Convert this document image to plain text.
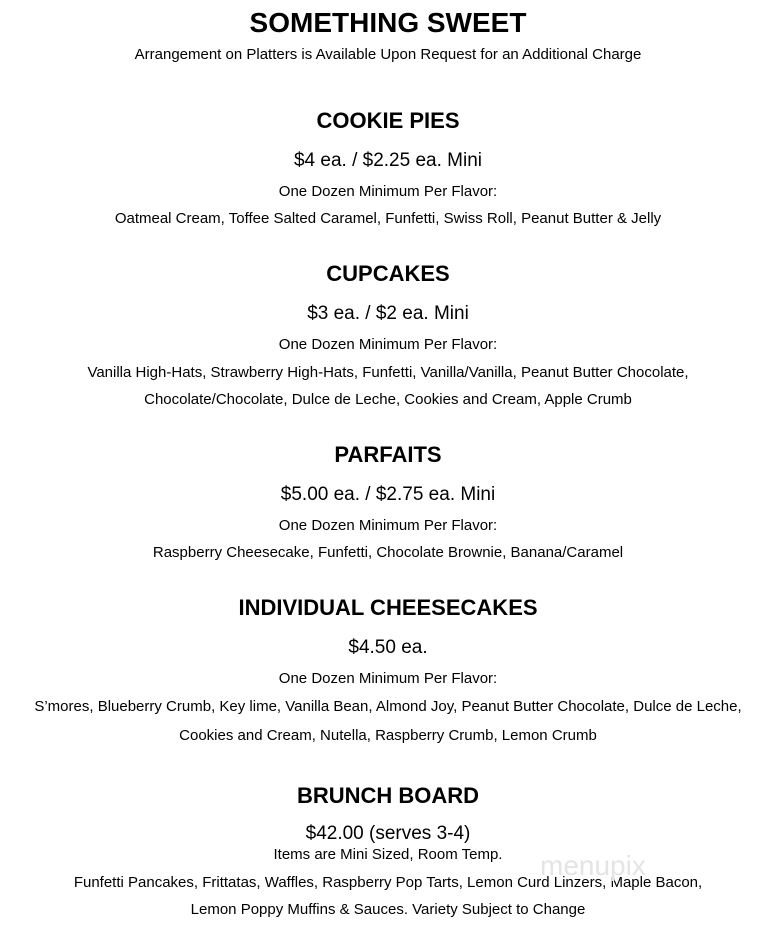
SOMETHING SWEET
Arrangement on Platters is Available Upon Request for an Additional Charge
COOKIE PIES
$4 ea. / $2.25 ea. Mini
One Dozen Minimum Per Flavor:
Oatmeal Cream, Toffee Salted Caramel, Funfetti, Swiss Roll, Peanut Butter & Jelly
CUPCAKES
$3 ea. / $2 ea. Mini
One Dozen Minimum Per Flavor:
Vanilla High-Hats, Strawberry High-Hats, Funfetti, Vanilla/Vanilla, Peanut Butter Chocolate,
Chocolate/Chocolate, Dulce de Leche, Cookies and Cream, Apple Crumb
PARFAITS
$5.00 ea. / $2.75 ea. Mini
One Dozen Minimum Per Flavor:
Raspberry Cheesecake, Funfetti, Chocolate Brownie, Banana/Caramel
INDIVIDUAL CHEESECAKES
$4.50 ea.
One Dozen Minimum Per Flavor:
S’mores, Blueberry Crumb, Key lime, Vanilla Bean, Almond Joy, Peanut Butter Chocolate, Dulce de Leche,
Cookies and Cream, Nutella, Raspberry Crumb, Lemon Crumb
BRUNCH BOARD
$42.00 (serves 3-4)
Items are Mini Sized, Room Temp.
Funfetti Pancakes, Frittatas, Waffles, Raspberry Pop Tarts, Lemon Curd Linzers, Maple Bacon,
Lemon Poppy Muffins & Sauces. Variety Subject to Change
menupix
